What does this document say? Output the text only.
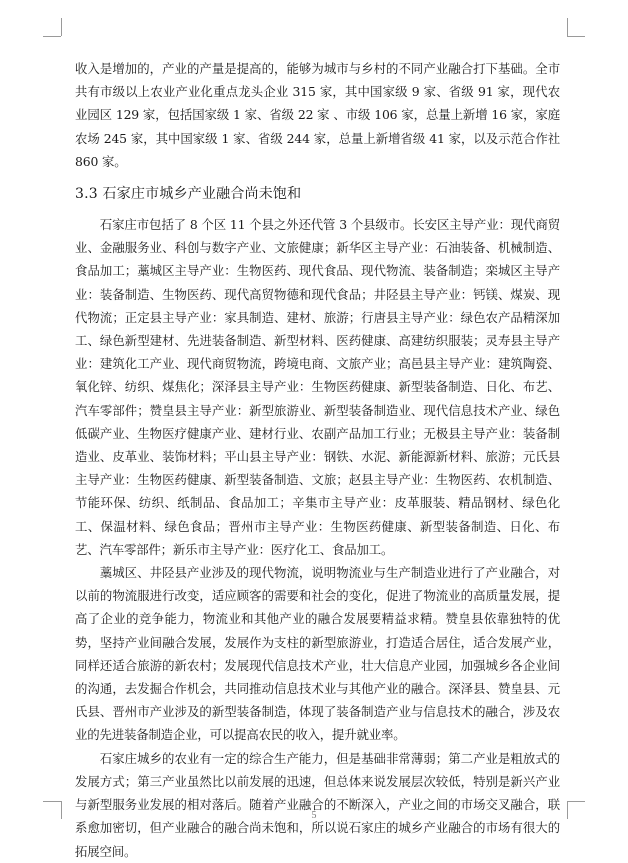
收入是增加的，产业的产量是提高的，能够为城市与乡村的不同产业融合打下基础。全市共有市级以上农业产业化重点龙头企业 315 家，其中国家级 9 家、省级 91 家，现代农业园区 129 家，包括国家级 1 家、省级 22 家 、市级 106 家，总量上新增 16 家，家庭农场 245 家，其中国家级 1 家、省级 244 家，总量上新增省级 41 家，以及示范合作社 860 家。

3.3 石家庄市城乡产业融合尚未饱和

石家庄市包括了 8 个区 11 个县之外还代管 3 个县级市。长安区主导产业：现代商贸业、金融服务业、科创与数字产业、文旅健康；新华区主导产业：石油装备、机械制造、食品加工；藁城区主导产业：生物医药、现代食品、现代物流、装备制造；栾城区主导产业：装备制造、生物医药、现代高贸物德和现代食品；井陉县主导产业：钙镁、煤炭、现代物流；正定县主导产业：家具制造、建材、旅游；行唐县主导产业：绿色农产品精深加工、绿色新型建材、先进装备制造、新型材料、医药健康、高建纺织服装；灵寿县主导产业：建筑化工产业、现代商贸物流，跨境电商、文旅产业；高邑县主导产业：建筑陶瓷、氧化锌、纺织、煤焦化；深泽县主导产业：生物医药健康、新型装备制造、日化、布艺、汽车零部件；赞皇县主导产业：新型旅游业、新型装备制造业、现代信息技术产业、绿色低碳产业、生物医疗健康产业、建材行业、农副产品加工行业；无极县主导产业：装备制造业、皮革业、装饰材料；平山县主导产业：钢铁、水泥、新能源新材料、旅游；元氏县主导产业：生物医药健康、新型装备制造、文旅；赵县主导产业：生物医药、农机制造、节能环保、纺织、纸制品、食品加工；辛集市主导产业：皮革服装、精品钢材、绿色化工、保温材料、绿色食品；晋州市主导产业：生物医药健康、新型装备制造、日化、布艺、汽车零部件；新乐市主导产业：医疗化工、食品加工。

藁城区、井陉县产业涉及的现代物流，说明物流业与生产制造业进行了产业融合，对以前的物流服进行改变，适应顾客的需要和社会的变化，促进了物流业的高质量发展，提高了企业的竞争能力，物流业和其他产业的融合发展要精益求精。赞皇县依靠独特的优势，坚持产业间融合发展，发展作为支柱的新型旅游业，打造适合居住，适合发展产业，同样还适合旅游的新农村；发展现代信息技术产业，壮大信息产业园，加强城乡各企业间的沟通，去发掘合作机会，共同推动信息技术业与其他产业的融合。深泽县、赞皇县、元氏县、晋州市产业涉及的新型装备制造，体现了装备制造产业与信息技术的融合，涉及农业的先进装备制造企业，可以提高农民的收入，提升就业率。

石家庄城乡的农业有一定的综合生产能力，但是基础非常薄弱；第二产业是粗放式的发展方式；第三产业虽然比以前发展的迅速，但总体来说发展层次较低，特别是新兴产业与新型服务业发展的相对落后。随着产业融合的不断深入，产业之间的市场交叉融合，联系愈加密切，但产业融合的融合尚未饱和，所以说石家庄的城乡产业融合的市场有很大的拓展空间。

5
